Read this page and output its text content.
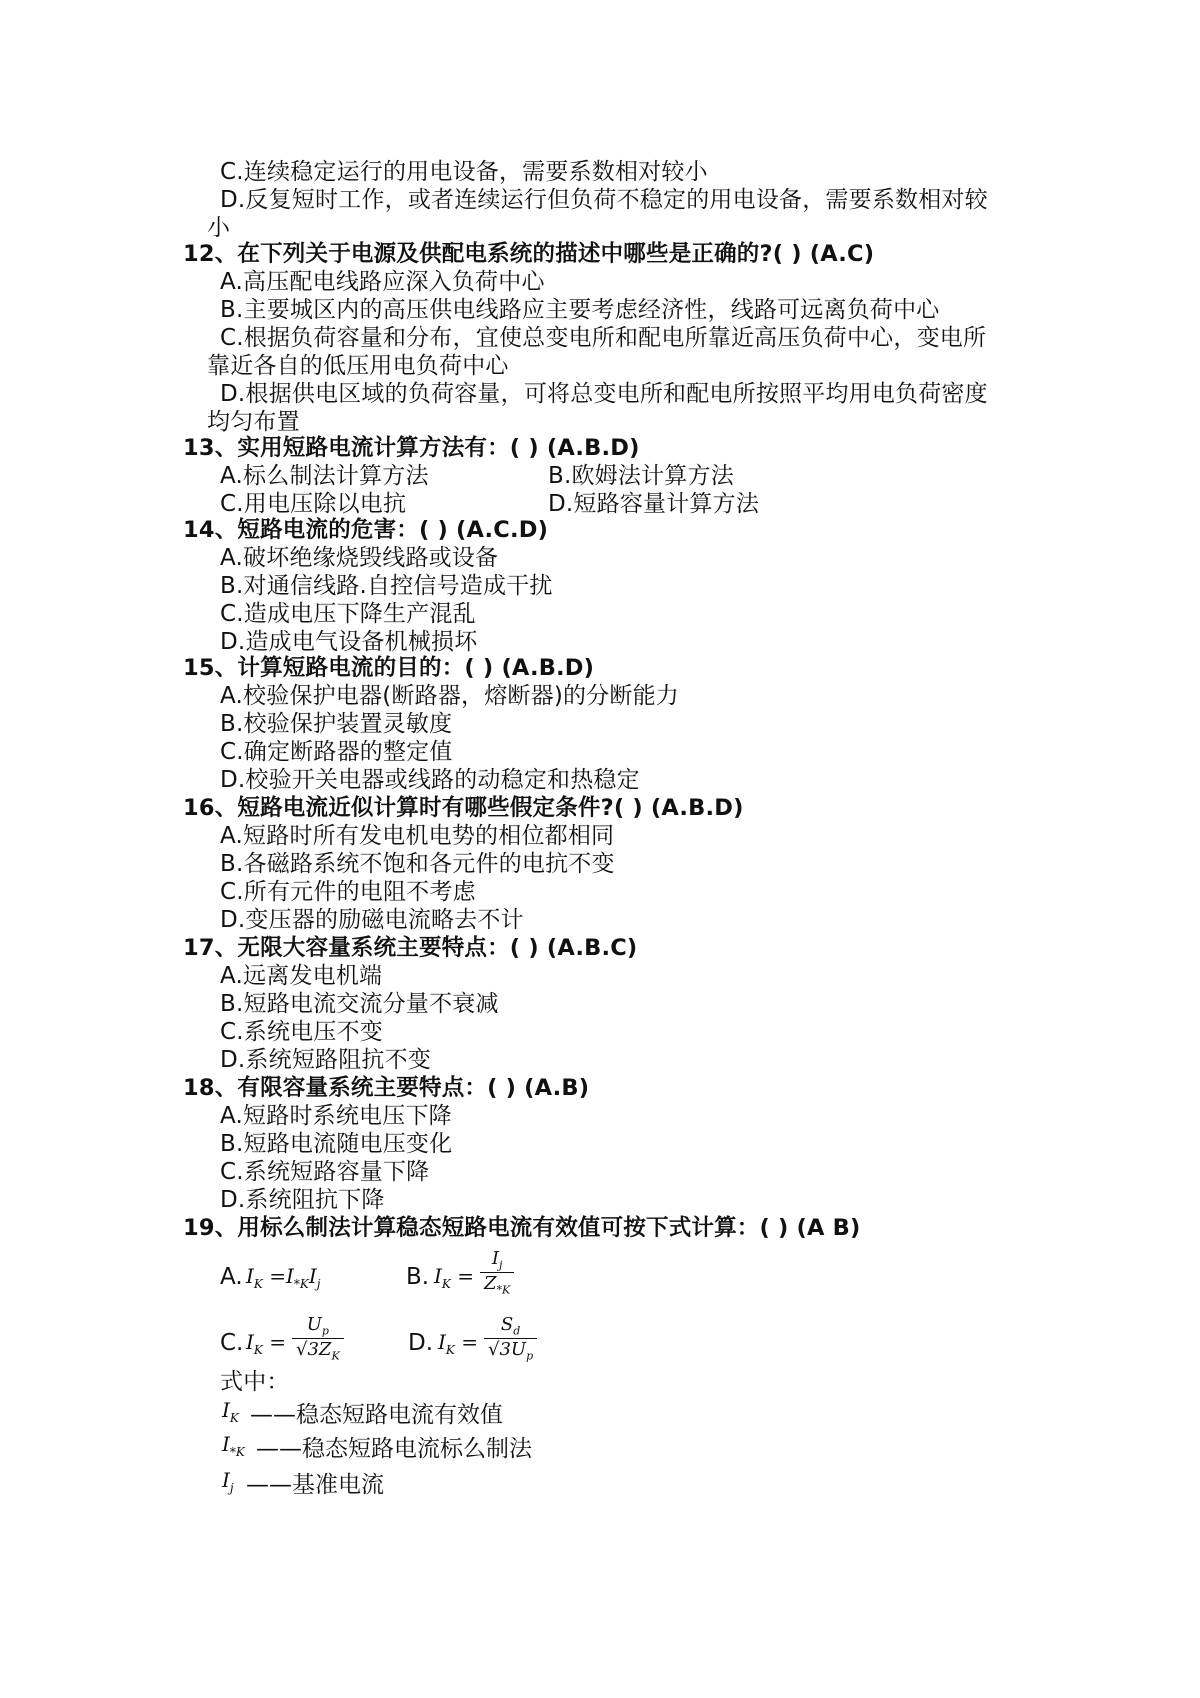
C.连续稳定运行的用电设备，需要系数相对较小
D.反复短时工作，或者连续运行但负荷不稳定的用电设备，需要系数相对较
小
12、在下列关于电源及供配电系统的描述中哪些是正确的?( ) (A.C)
A.高压配电线路应深入负荷中心
B.主要城区内的高压供电线路应主要考虑经济性，线路可远离负荷中心
C.根据负荷容量和分布，宜使总变电所和配电所靠近高压负荷中心，变电所
靠近各自的低压用电负荷中心
D.根据供电区域的负荷容量，可将总变电所和配电所按照平均用电负荷密度
均匀布置
13、实用短路电流计算方法有：( ) (A.B.D)
A.标么制法计算方法	B.欧姆法计算方法
C.用电压除以电抗	D.短路容量计算方法
14、短路电流的危害：( ) (A.C.D)
A.破坏绝缘烧毁线路或设备
B.对通信线路.自控信号造成干扰
C.造成电压下降生产混乱
D.造成电气设备机械损坏
15、计算短路电流的目的：( ) (A.B.D)
A.校验保护电器(断路器，熔断器)的分断能力
B.校验保护装置灵敏度
C.确定断路器的整定值
D.校验开关电器或线路的动稳定和热稳定
16、短路电流近似计算时有哪些假定条件?( ) (A.B.D)
A.短路时所有发电机电势的相位都相同
B.各磁路系统不饱和各元件的电抗不变
C.所有元件的电阻不考虑
D.变压器的励磁电流略去不计
17、无限大容量系统主要特点：( ) (A.B.C)
A.远离发电机端
B.短路电流交流分量不衰减
C.系统电压不变
D.系统短路阻抗不变
18、有限容量系统主要特点：( ) (A.B)
A.短路时系统电压下降
B.短路电流随电压变化
C.系统短路容量下降
D.系统阻抗下降
19、用标么制法计算稳态短路电流有效值可按下式计算：( ) (A B)
式中：
A. $I_K =I_{*K}I_j$	B. $I_K = \frac{I_j}{Z_{*K}}$
C. $I_K = \frac{U_p}{√3Z_K}$	D. $I_K = \frac{S_d}{√3U_p}$
$I_K$ ——稳态短路电流有效值
$I_{*K}$ ——稳态短路电流标么制法
$I_j$ ——基准电流
